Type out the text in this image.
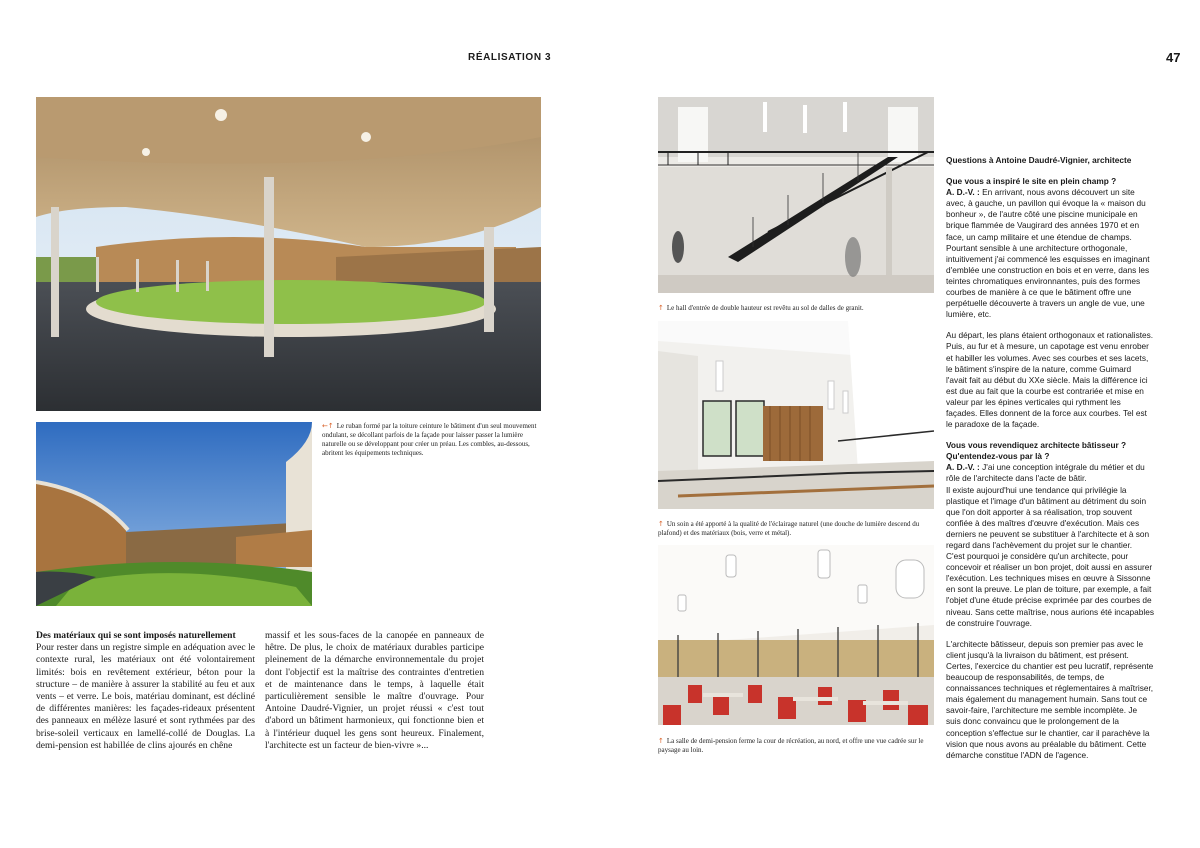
RÉALISATION 3	47
←↑ Le ruban formé par la toiture ceinture le bâtiment d'un seul mouvement ondulant, se décollant parfois de la façade pour laisser passer la lumière naturelle ou se développant pour créer un préau. Les combles, au-dessous, abritent les équipements techniques.

Des matériaux qui se sont imposés naturellement

Pour rester dans un registre simple en adéquation avec le contexte rural, les matériaux ont été volontairement limités: bois en revêtement extérieur, béton pour la structure – de manière à assurer la stabilité au feu et aux vents – et verre. Le bois, matériau dominant, est décliné de différentes manières: les façades-rideaux présentent des panneaux en mélèze lasuré et sont rythmées par des brise-soleil verticaux en lamellé-collé de Douglas. La demi-pension est habillée de clins ajourés en chêne

massif et les sous-faces de la canopée en panneaux de hêtre. De plus, le choix de matériaux durables participe pleinement de la démarche environnementale du projet dont l'objectif est la maîtrise des contraintes d'entretien et de maintenance dans le temps, à laquelle était particulièrement sensible le maître d'ouvrage. Pour Antoine Daudré-Vignier, un projet réussi « c'est tout d'abord un bâtiment harmonieux, qui fonctionne bien et à l'intérieur duquel les gens sont heureux. Finalement, l'architecte est un facteur de bien-vivre »...

↑ Le hall d'entrée de double hauteur est revêtu au sol de dalles de granit.
↑ Un soin a été apporté à la qualité de l'éclairage naturel (une douche de lumière descend du plafond) et des matériaux (bois, verre et métal).
↑ La salle de demi-pension ferme la cour de récréation, au nord, et offre une vue cadrée sur le paysage au loin.

Questions à Antoine Daudré-Vignier, architecte

Que vous a inspiré le site en plein champ ?

A. D.-V. : En arrivant, nous avons découvert un site avec, à gauche, un pavillon qui évoque la « maison du bonheur », de l'autre côté une piscine municipale en brique flammée de Vaugirard des années 1970 et en face, un camp militaire et une étendue de champs. Pourtant sensible à une architecture orthogonale, intuitivement j'ai commencé les esquisses en imaginant d'emblée une construction en bois et en verre, dans les teintes chromatiques environnantes, puis des formes courbes de manière à ce que le bâtiment offre une perpétuelle découverte à travers un angle de vue, une lumière, etc.

Au départ, les plans étaient orthogonaux et rationalistes. Puis, au fur et à mesure, un capotage est venu enrober et habiller les volumes. Avec ses courbes et ses lacets, le bâtiment s'inspire de la nature, comme Guimard l'avait fait au début du XXe siècle. Mais la différence ici est due au fait que la courbe est contrariée et mise en valeur par les épines verticales qui rythment les façades. Elles donnent de la force aux courbes. Tel est le paradoxe de la façade.

Vous vous revendiquez architecte bâtisseur ? Qu'entendez-vous par là ?

A. D.-V. : J'ai une conception intégrale du métier et du rôle de l'architecte dans l'acte de bâtir.

Il existe aujourd'hui une tendance qui privilégie la plastique et l'image d'un bâtiment au détriment du soin que l'on doit apporter à sa réalisation, trop souvent confiée à des maîtres d'œuvre d'exécution. Mais ces derniers ne peuvent se substituer à l'architecte et à son regard dans l'achèvement du projet sur le chantier.

C'est pourquoi je considère qu'un architecte, pour concevoir et réaliser un bon projet, doit aussi en assurer l'exécution. Les techniques mises en œuvre à Sissonne en sont la preuve. Le plan de toiture, par exemple, a fait l'objet d'une étude précise exprimée par des courbes de niveau. Sans cette maîtrise, nous aurions été incapables de construire l'ouvrage.

L'architecte bâtisseur, depuis son premier pas avec le client jusqu'à la livraison du bâtiment, est présent. Certes, l'exercice du chantier est peu lucratif, représente beaucoup de responsabilités, de temps, de connaissances techniques et réglementaires à maîtriser, mais également du management humain. Sans tout ce savoir-faire, l'architecture me semble incomplète. Je suis donc convaincu que le prolongement de la conception s'effectue sur le chantier, car il parachève la vision que nous avons au préalable du bâtiment. Cette démarche constitue l'ADN de l'agence.
